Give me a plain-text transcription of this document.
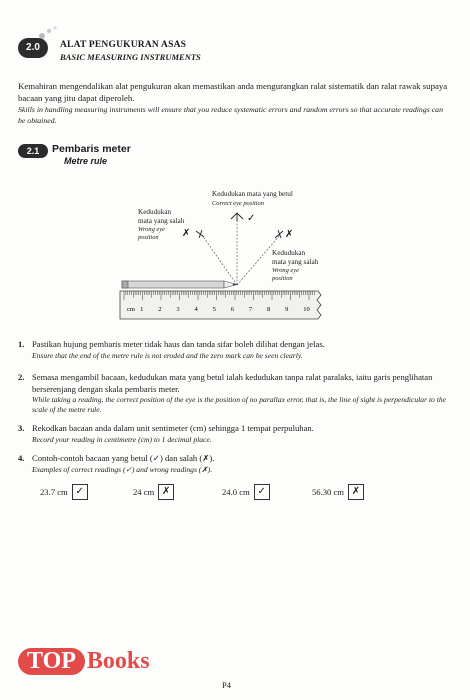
2.0	ALAT PENGUKURAN ASAS
BASIC MEASURING INSTRUMENTS
Kemahiran mengendalikan alat pengukuran akan memastikan anda mengurangkan ralat sistematik dan ralat rawak supaya bacaan yang jitu dapat diperoleh.
Skills in handling measuring instruments will ensure that you reduce systematic errors and random errors so that accurate readings can be obtained.
2.1	Pembaris meter
Metre rule
Kedudukan mata yang betul
Correct eye position
Kedudukan
mata yang salah
Wrong eye
position
Kedudukan
mata yang salah
Wrong eye
position
✓
✗	✗
cm 1 2 3 4 5 6 7 8 9 10
1. Pastikan hujung pembaris meter tidak haus dan tanda sifar boleh dilihat dengan jelas.
Ensure that the end of the metre rule is not eroded and the zero mark can be seen clearly.
2. Semasa mengambil bacaan, kedudukan mata yang betul ialah kedudukan tanpa ralat paralaks, iaitu garis penglihatan berserenjang dengan skala pembaris meter.
While taking a reading, the correct position of the eye is the position of no parallax error, that is, the line of sight is perpendicular to the scale of the metre rule.
3. Rekodkan bacaan anda dalam unit sentimeter (cm) sehingga 1 tempat perpuluhan.
Record your reading in centimetre (cm) to 1 decimal place.
4. Contoh-contoh bacaan yang betul (✓) dan salah (✗).
Examples of correct readings (✓) and wrong readings (✗).
23.7 cm ✓	24 cm ✗	24.0 cm ✓	56.30 cm ✗
TOP Books
P4
